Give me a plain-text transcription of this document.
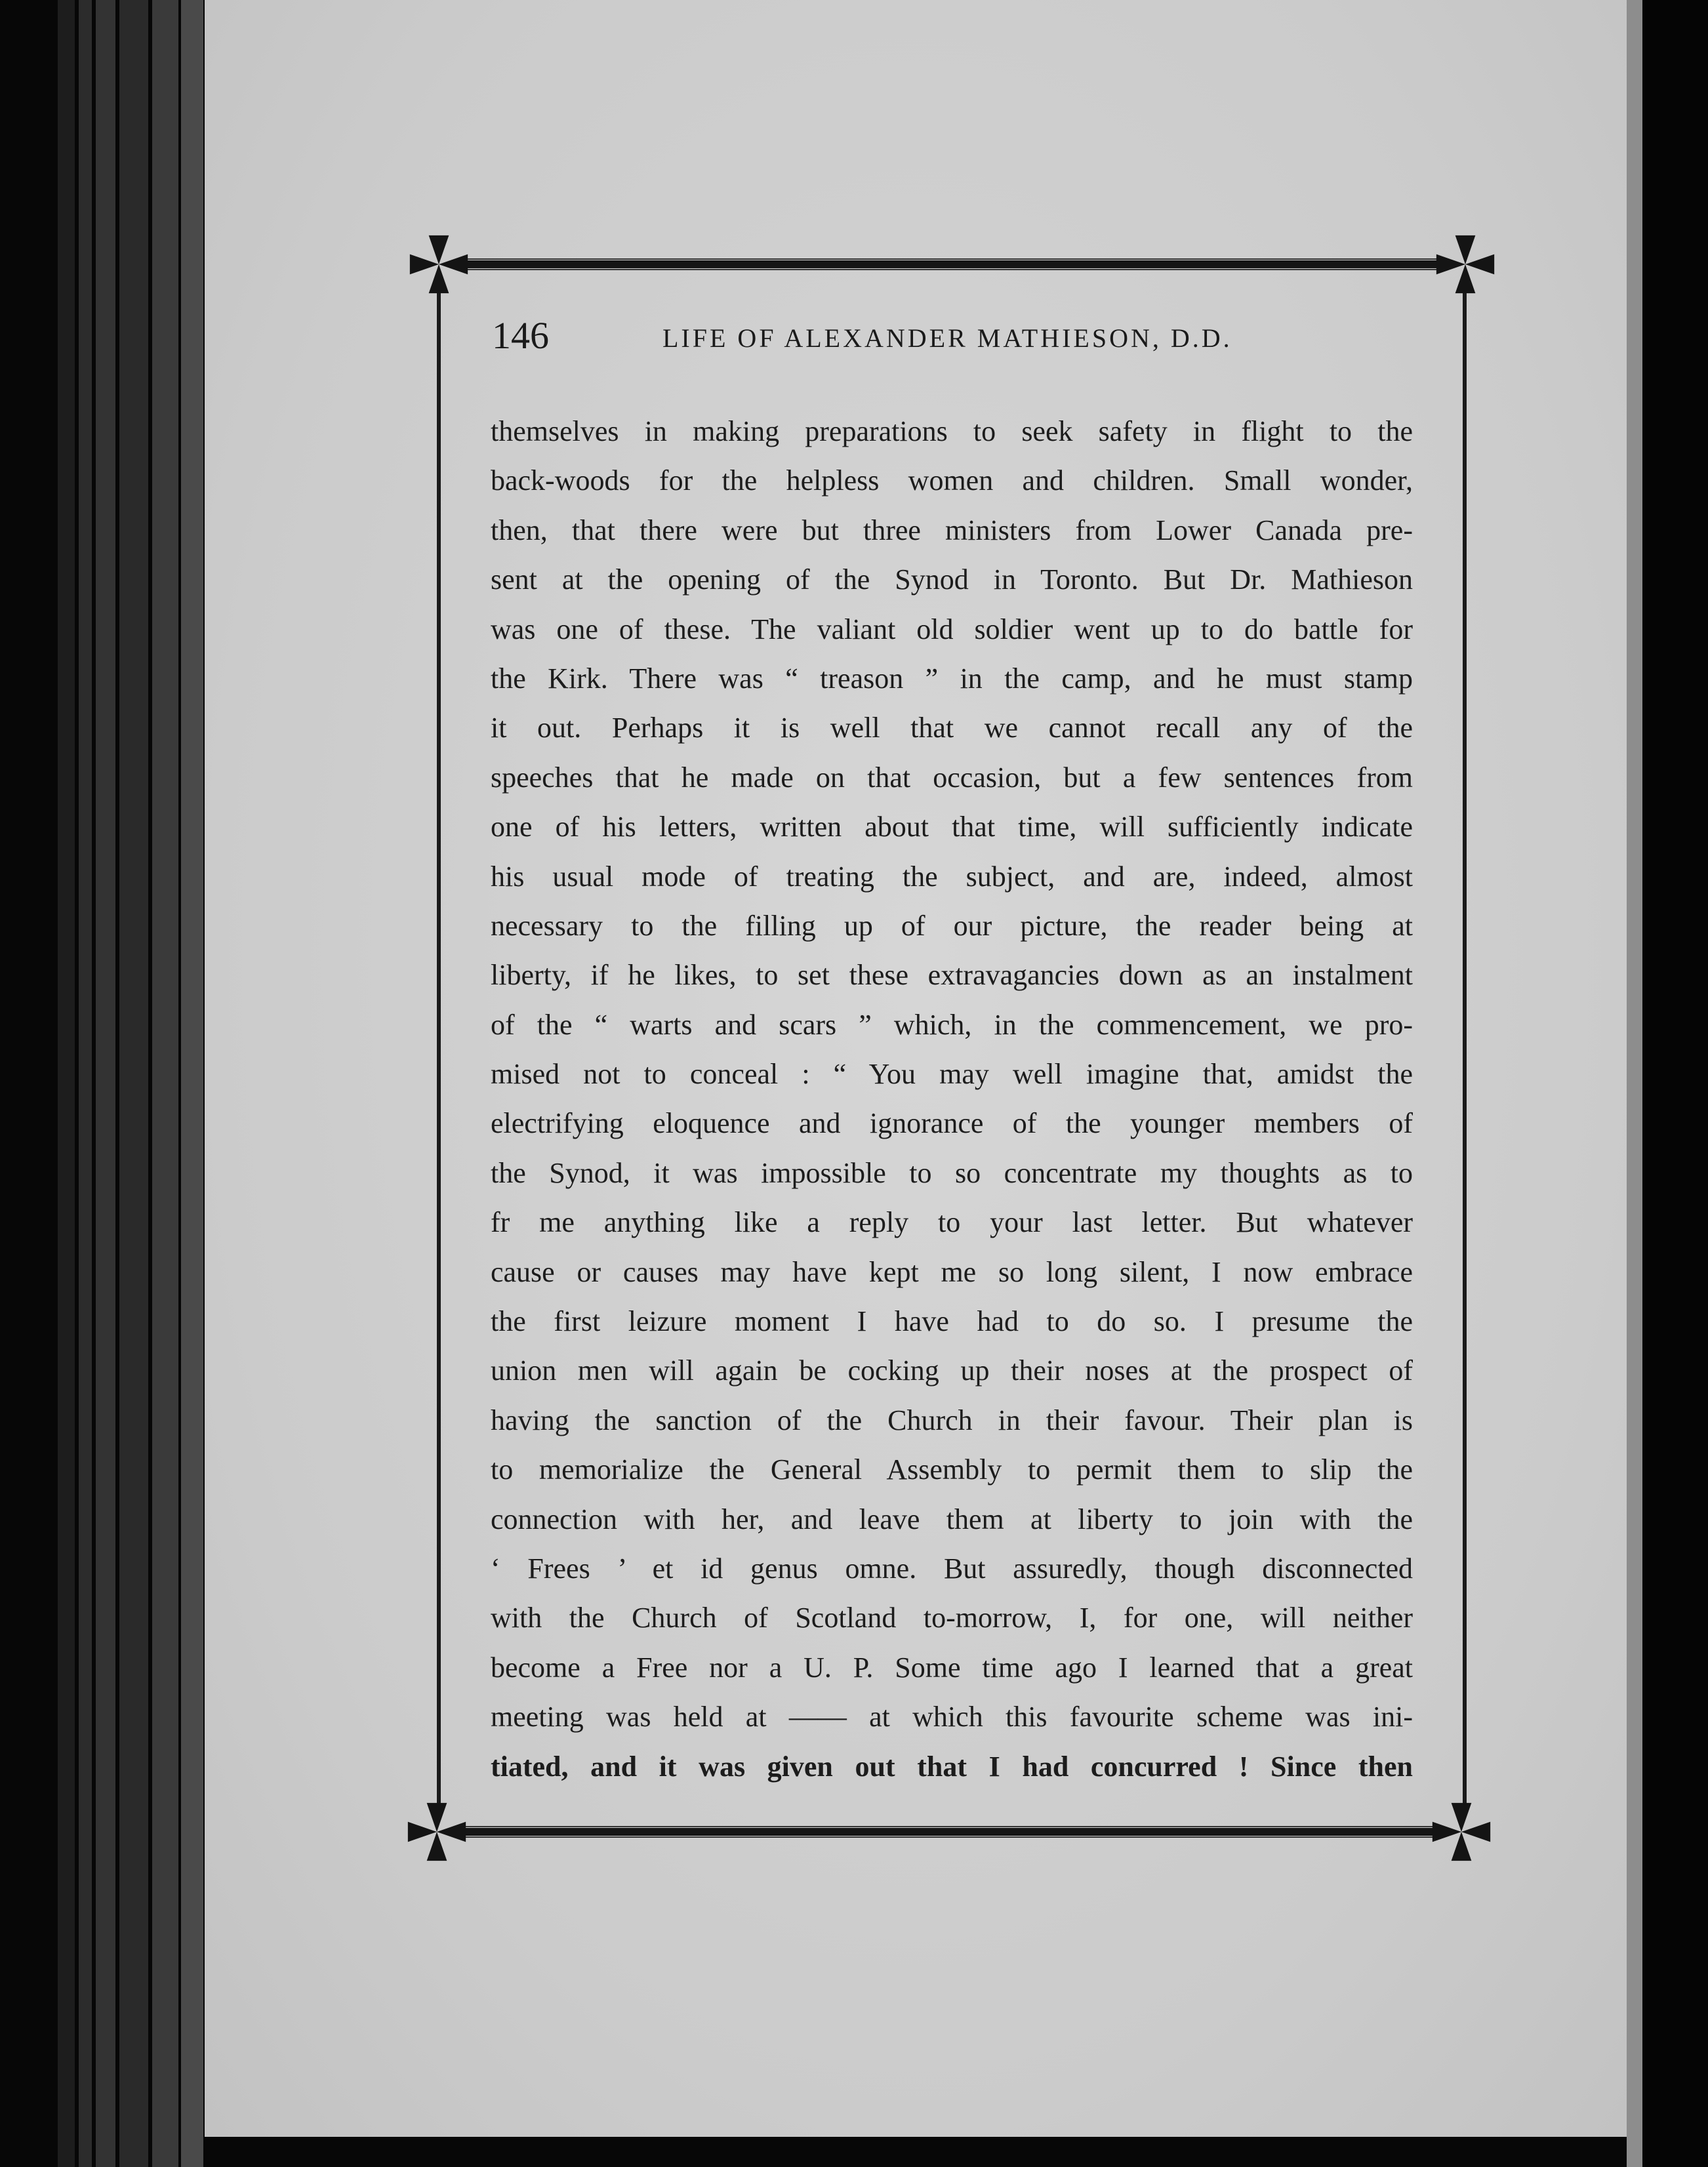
146	LIFE OF ALEXANDER MATHIESON, D.D.
themselves in making preparations to seek safety in flight to the
back-woods for the helpless women and children. Small wonder,
then, that there were but three ministers from Lower Canada pre-
sent at the opening of the Synod in Toronto. But Dr. Mathieson
was one of these. The valiant old soldier went up to do battle for
the Kirk. There was “ treason ” in the camp, and he must stamp
it out. Perhaps it is well that we cannot recall any of the
speeches that he made on that occasion, but a few sentences from
one of his letters, written about that time, will sufficiently indicate
his usual mode of treating the subject, and are, indeed, almost
necessary to the filling up of our picture, the reader being at
liberty, if he likes, to set these extravagancies down as an instalment
of the “ warts and scars ” which, in the commencement, we pro-
mised not to conceal : “ You may well imagine that, amidst the
electrifying eloquence and ignorance of the younger members of
the Synod, it was impossible to so concentrate my thoughts as to
fr me anything like a reply to your last letter. But whatever
cause or causes may have kept me so long silent, I now embrace
the first leizure moment I have had to do so. I presume the
union men will again be cocking up their noses at the prospect of
having the sanction of the Church in their favour. Their plan is
to memorialize the General Assembly to permit them to slip the
connection with her, and leave them at liberty to join with the
‘ Frees ’ et id genus omne. But assuredly, though disconnected
with the Church of Scotland to-morrow, I, for one, will neither
become a Free nor a U. P. Some time ago I learned that a great
meeting was held at —— at which this favourite scheme was ini-
tiated, and it was given out that I had concurred ! Since then
